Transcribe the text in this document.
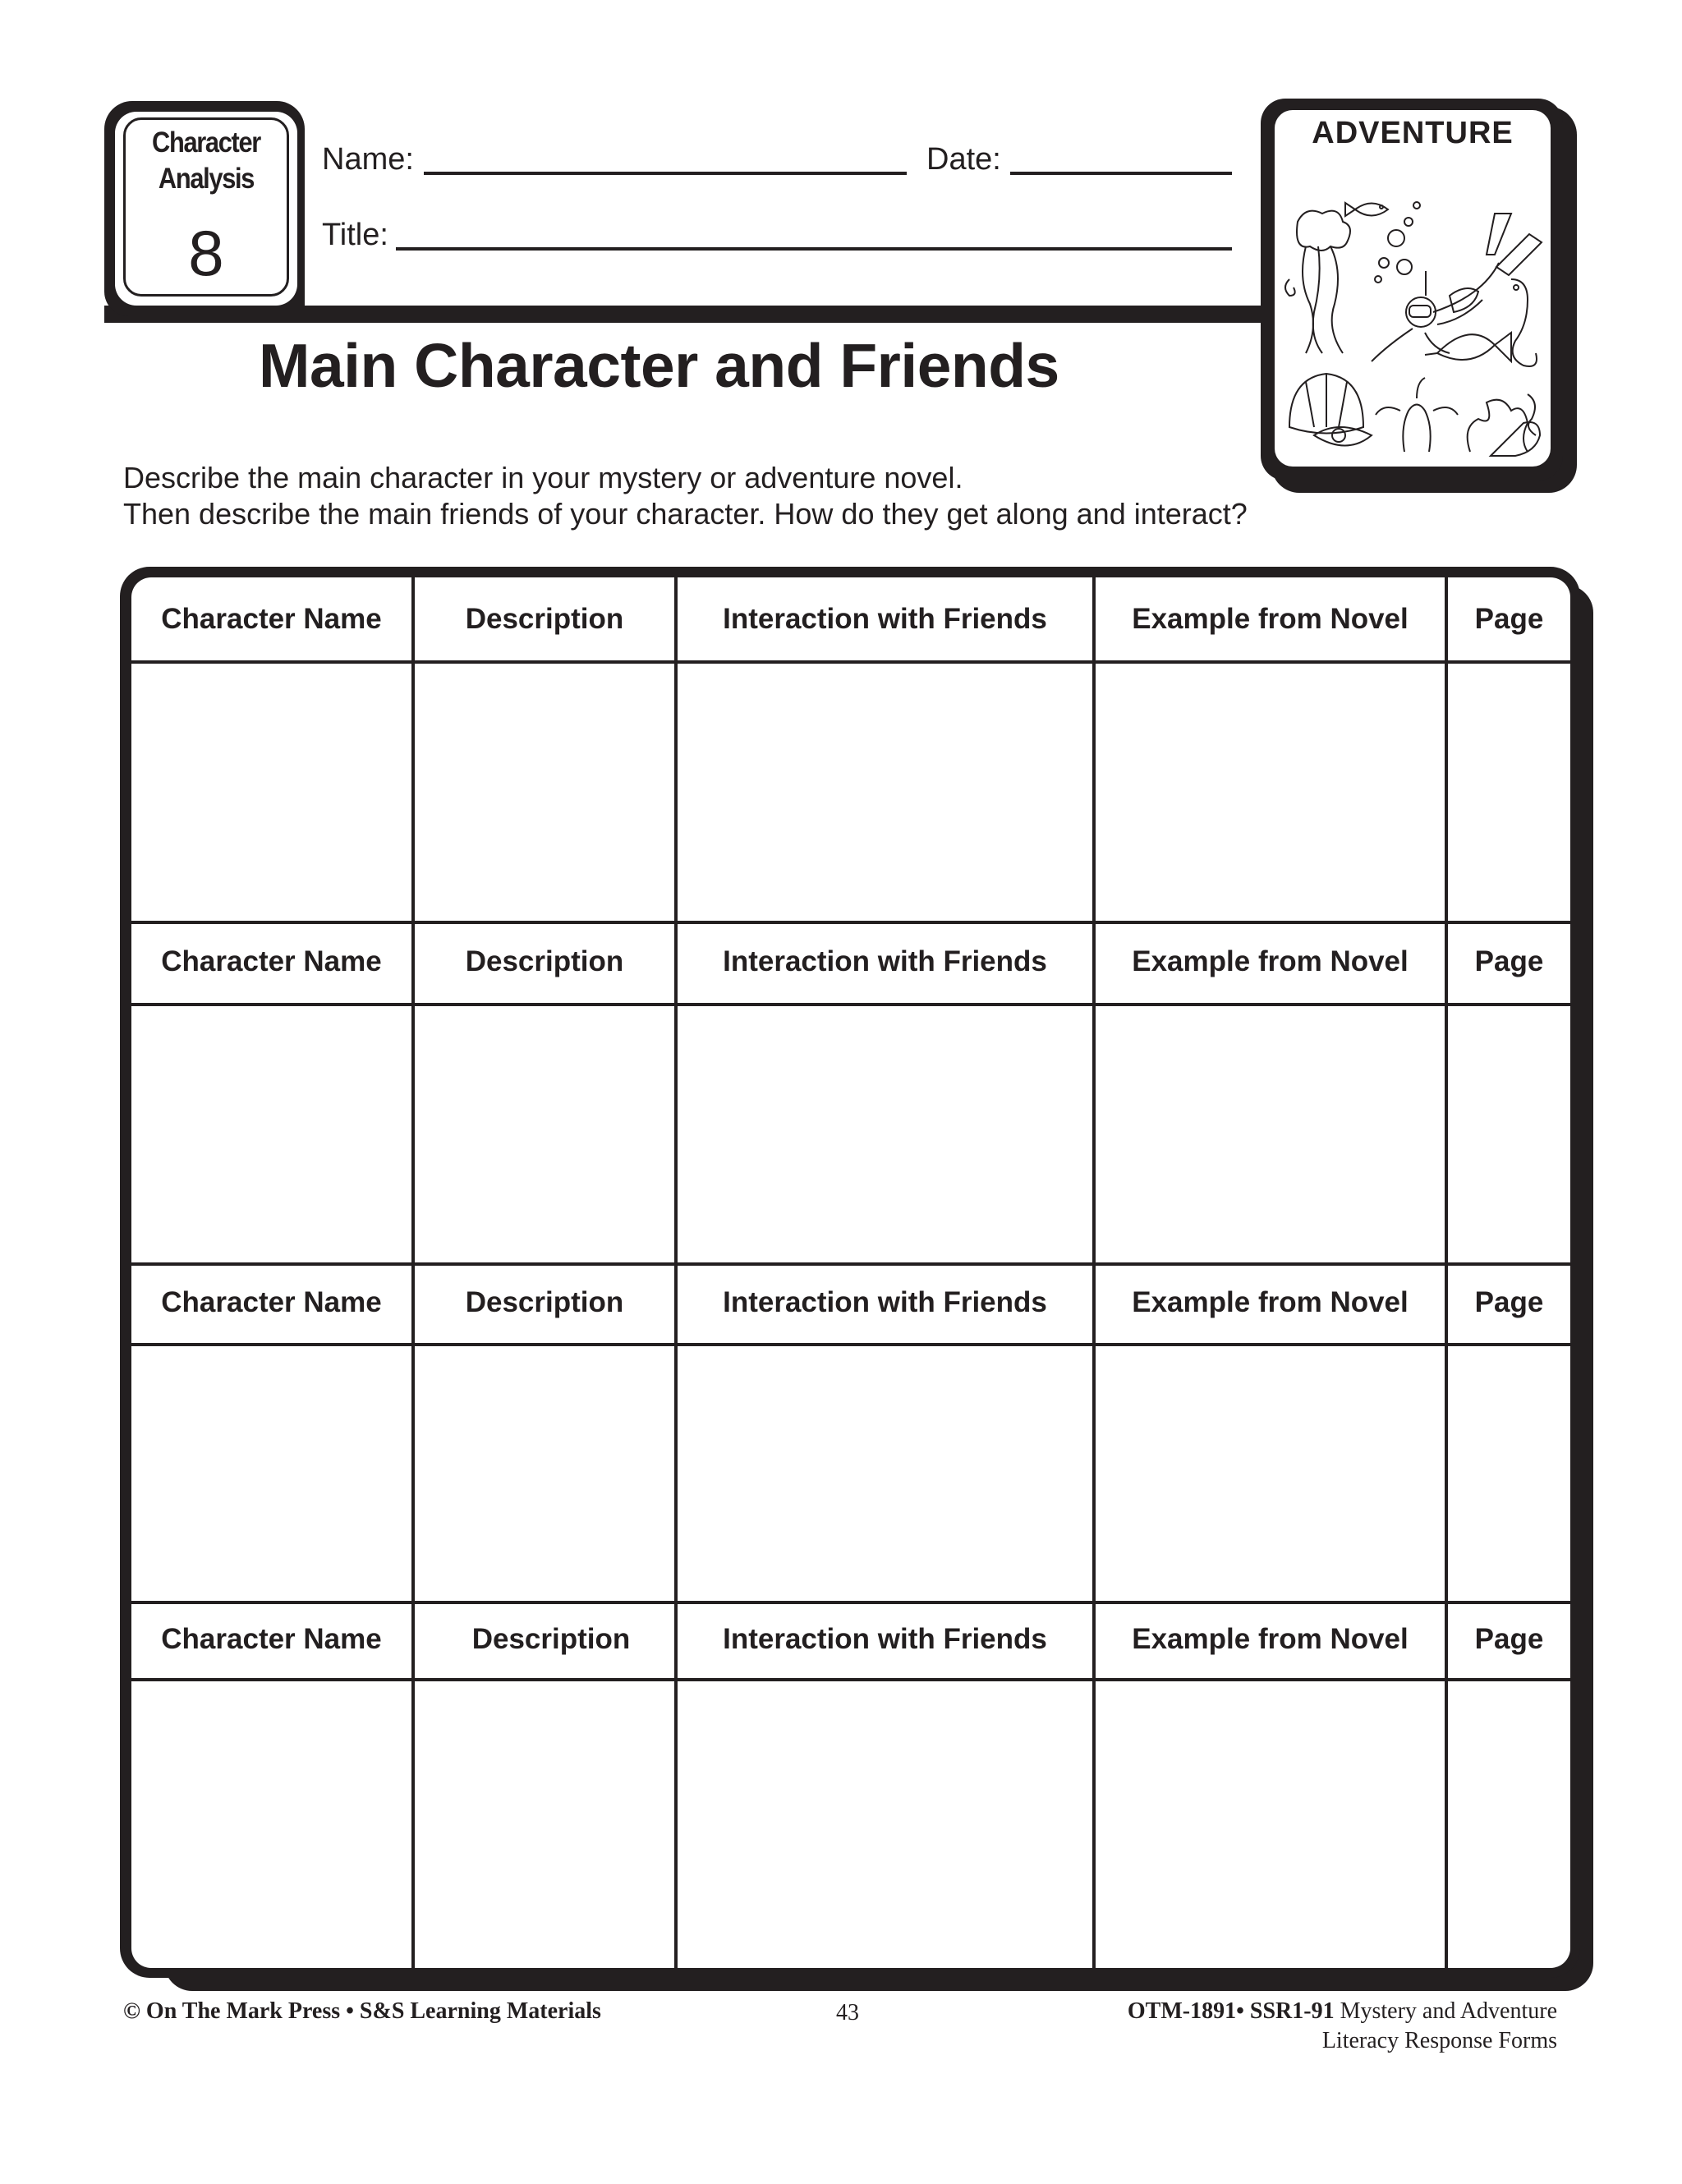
Character
Analysis
8
Name:	Date:
Title:
ADVENTURE
Main Character and Friends
Describe the main character in your mystery or adventure novel.
Then describe the main friends of your character. How do they get along and interact?
Character Name	Description	Interaction with Friends	Example from Novel	Page
Character Name	Description	Interaction with Friends	Example from Novel	Page
Character Name	Description	Interaction with Friends	Example from Novel	Page
Character Name	Description	Interaction with Friends	Example from Novel	Page
© On The Mark Press • S&S Learning Materials	43	OTM-1891• SSR1-91 Mystery and Adventure
Literacy Response Forms
